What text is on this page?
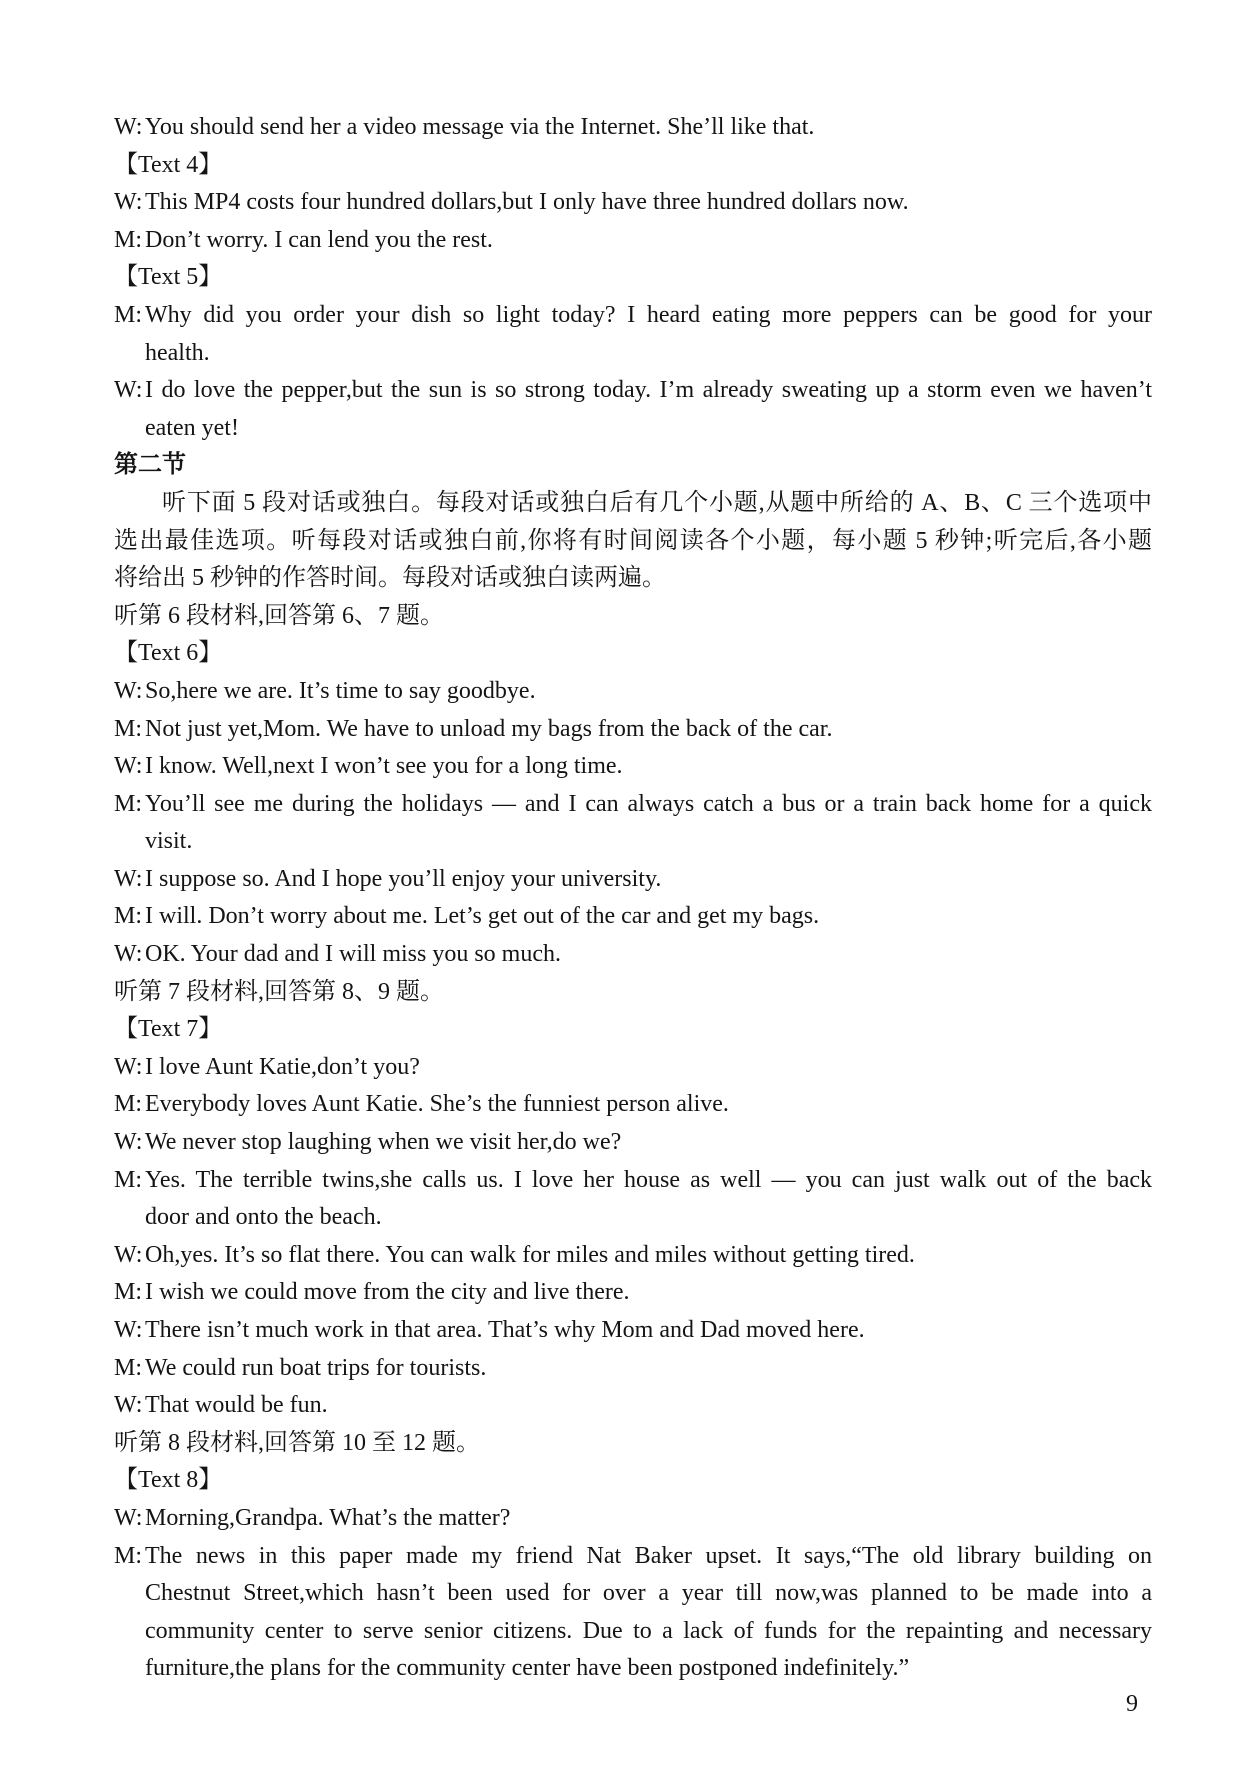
W: You should send her a video message via the Internet. She’ll like that.
【Text 4】
W: This MP4 costs four hundred dollars,but I only have three hundred dollars now.
M: Don’t worry. I can lend you the rest.
【Text 5】
M: Why did you order your dish so light today? I heard eating more peppers can be good for your
health.
W: I do love the pepper,but the sun is so strong today. I’m already sweating up a storm even we haven’t
eaten yet!
第二节
听下面 5 段对话或独白。每段对话或独白后有几个小题,从题中所给的 A、B、C 三个选项中
选出最佳选项。听每段对话或独白前,你将有时间阅读各个小题，每小题 5 秒钟;听完后,各小题
将给出 5 秒钟的作答时间。每段对话或独白读两遍。
听第 6 段材料,回答第 6、7 题。
【Text 6】
W: So,here we are. It’s time to say goodbye.
M: Not just yet,Mom. We have to unload my bags from the back of the car.
W: I know. Well,next I won’t see you for a long time.
M: You’ll see me during the holidays — and I can always catch a bus or a train back home for a quick
visit.
W: I suppose so. And I hope you’ll enjoy your university.
M: I will. Don’t worry about me. Let’s get out of the car and get my bags.
W: OK. Your dad and I will miss you so much.
听第 7 段材料,回答第 8、9 题。
【Text 7】
W: I love Aunt Katie,don’t you?
M: Everybody loves Aunt Katie. She’s the funniest person alive.
W: We never stop laughing when we visit her,do we?
M: Yes. The terrible twins,she calls us. I love her house as well — you can just walk out of the back
door and onto the beach.
W: Oh,yes. It’s so flat there. You can walk for miles and miles without getting tired.
M: I wish we could move from the city and live there.
W: There isn’t much work in that area. That’s why Mom and Dad moved here.
M: We could run boat trips for tourists.
W: That would be fun.
听第 8 段材料,回答第 10 至 12 题。
【Text 8】
W: Morning,Grandpa. What’s the matter?
M: The news in this paper made my friend Nat Baker upset. It says,“The old library building on
Chestnut Street,which hasn’t been used for over a year till now,was planned to be made into a
community center to serve senior citizens. Due to a lack of funds for the repainting and necessary
furniture,the plans for the community center have been postponed indefinitely.”
9
